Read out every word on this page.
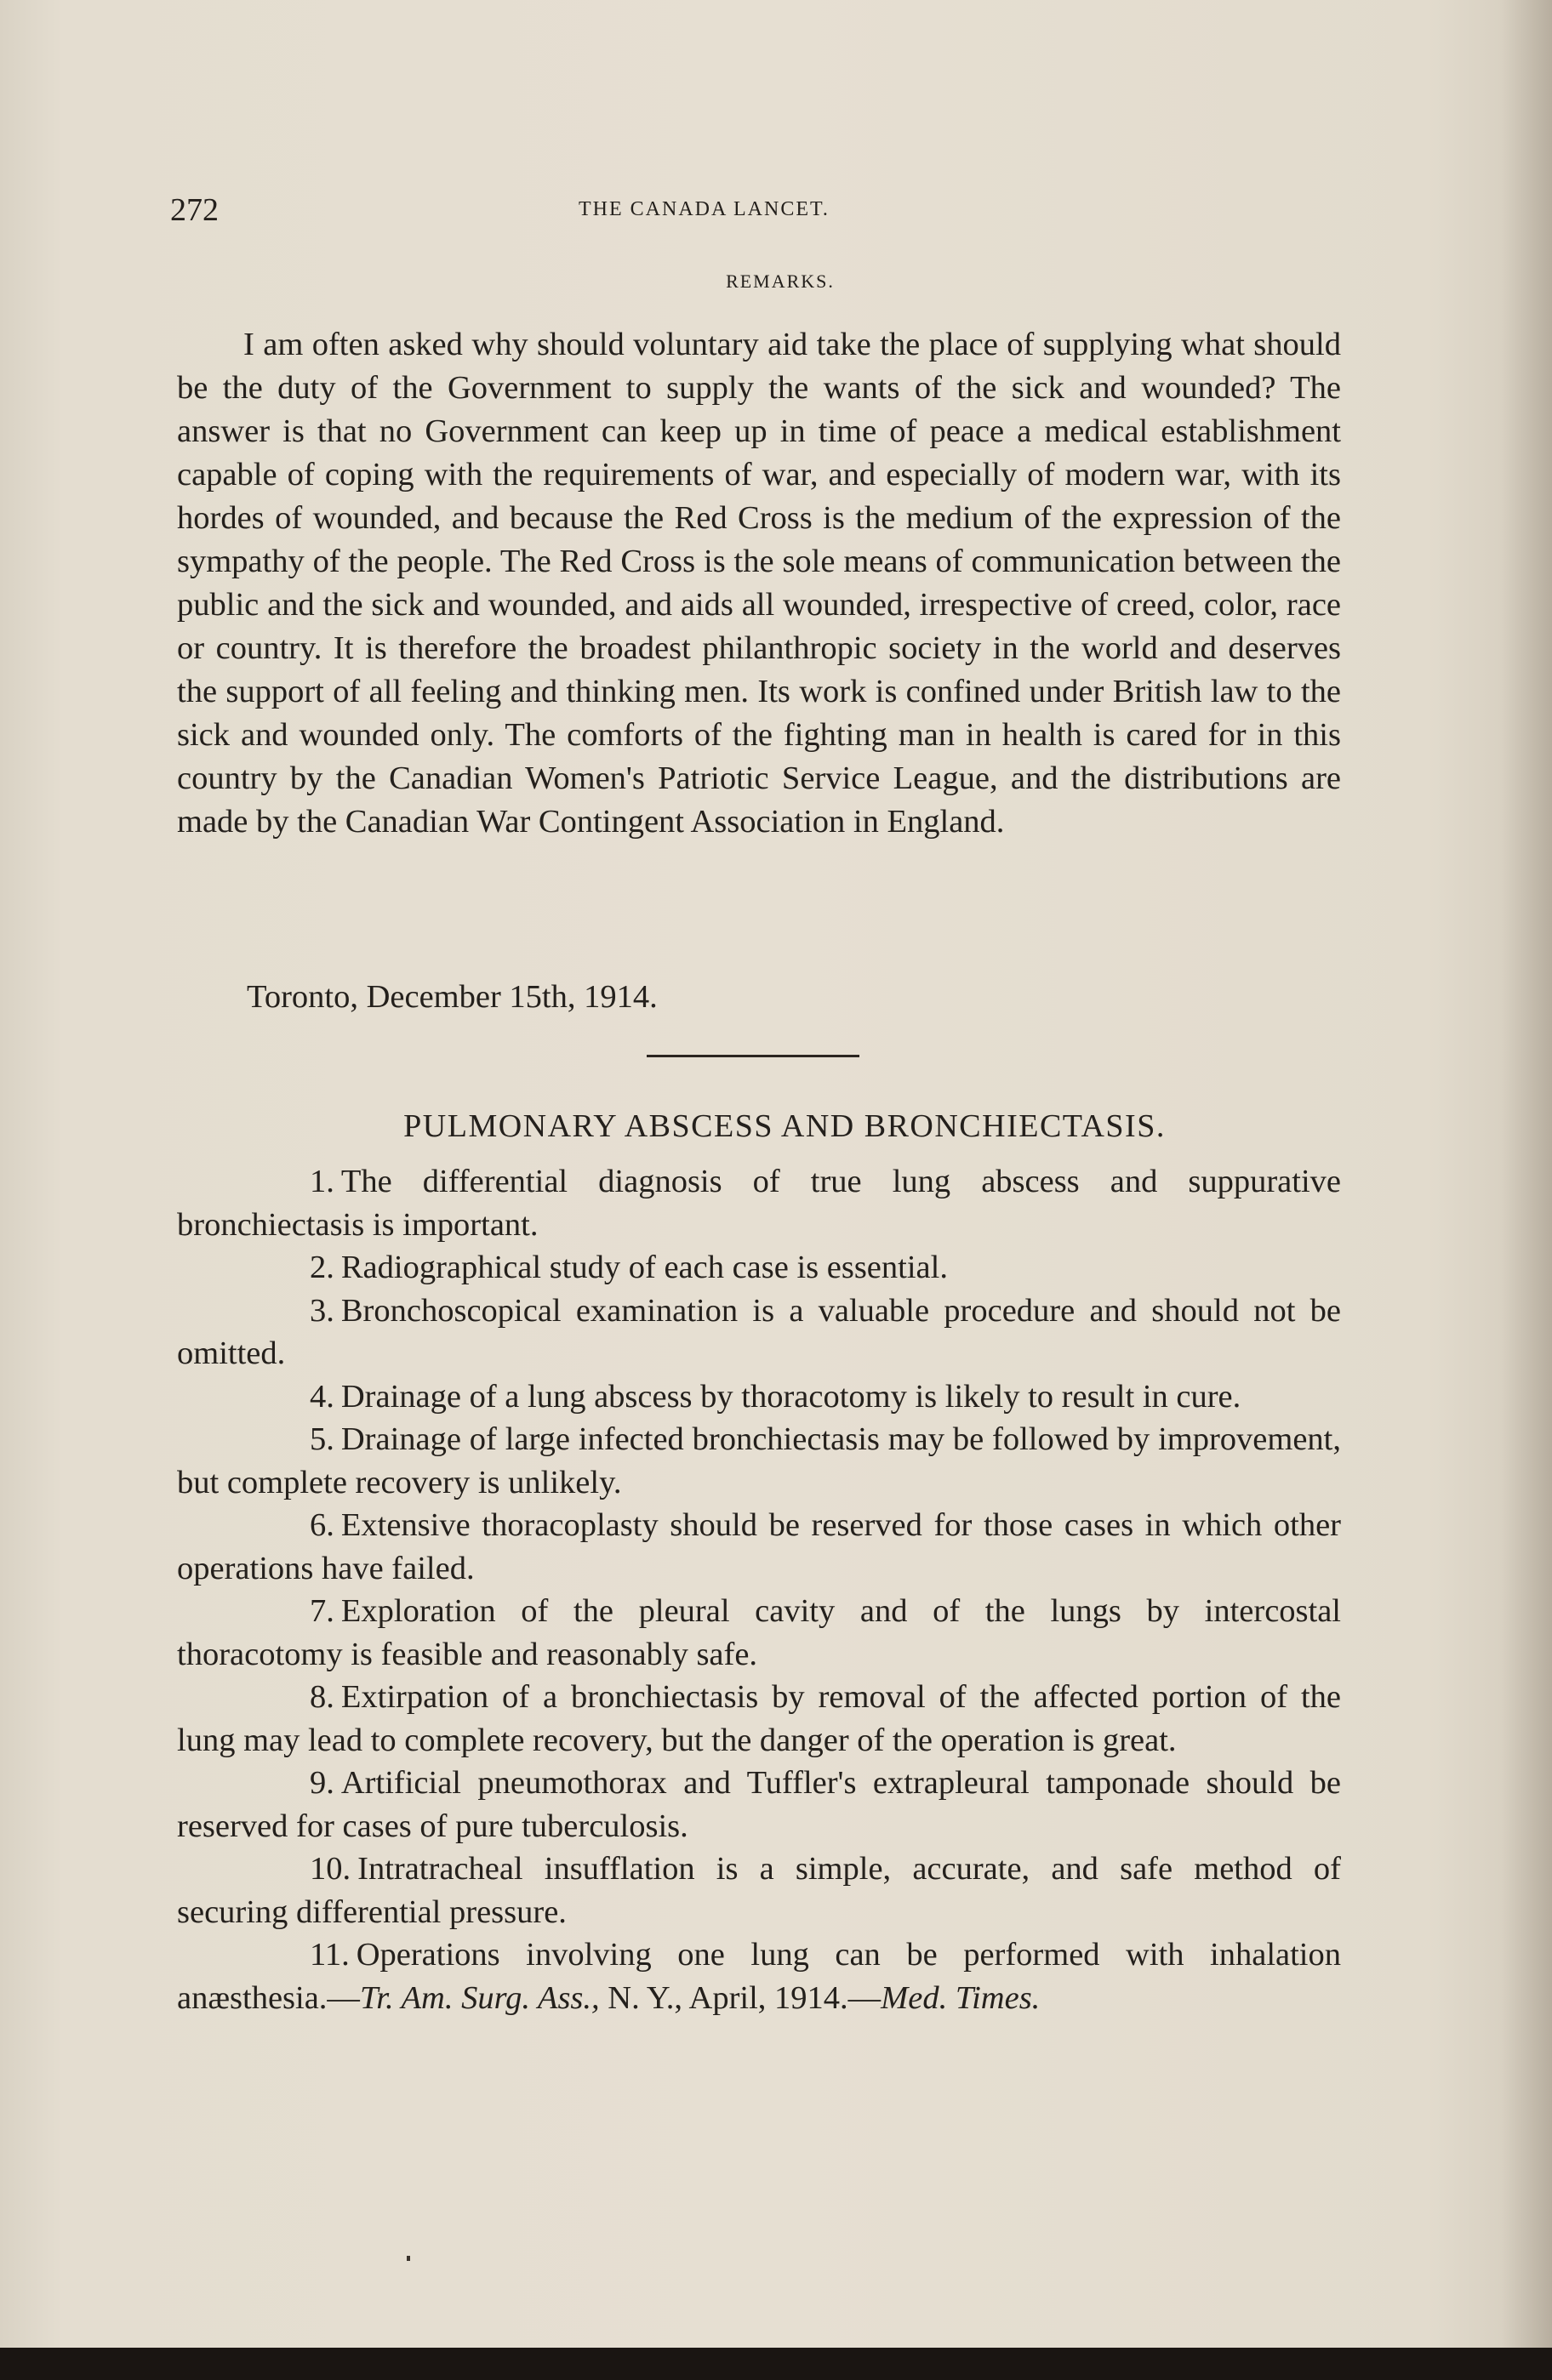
272	THE CANADA LANCET.
REMARKS.

I am often asked why should voluntary aid take the place of supplying what should be the duty of the Government to supply the wants of the sick and wounded? The answer is that no Government can keep up in time of peace a medical establishment capable of coping with the requirements of war, and especially of modern war, with its hordes of wounded, and because the Red Cross is the medium of the expression of the sympathy of the people. The Red Cross is the sole means of communication between the public and the sick and wounded, and aids all wounded, irrespective of creed, color, race or country. It is therefore the broadest philanthropic society in the world and deserves the support of all feeling and thinking men. Its work is confined under British law to the sick and wounded only. The comforts of the fighting man in health is cared for in this country by the Canadian Women's Patriotic Service League, and the distributions are made by the Canadian War Contingent Association in England.

Toronto, December 15th, 1914.
PULMONARY ABSCESS AND BRONCHIECTASIS.

1. The differential diagnosis of true lung abscess and suppurative bronchiectasis is important.

2. Radiographical study of each case is essential.

3. Bronchoscopical examination is a valuable procedure and should not be omitted.

4. Drainage of a lung abscess by thoracotomy is likely to result in cure.

5. Drainage of large infected bronchiectasis may be followed by improvement, but complete recovery is unlikely.

6. Extensive thoracoplasty should be reserved for those cases in which other operations have failed.

7. Exploration of the pleural cavity and of the lungs by intercostal thoracotomy is feasible and reasonably safe.

8. Extirpation of a bronchiectasis by removal of the affected portion of the lung may lead to complete recovery, but the danger of the operation is great.

9. Artificial pneumothorax and Tuffler's extrapleural tamponade should be reserved for cases of pure tuberculosis.

10. Intratracheal insufflation is a simple, accurate, and safe method of securing differential pressure.

11. Operations involving one lung can be performed with inhalation anæsthesia.—Tr. Am. Surg. Ass., N. Y., April, 1914.—Med. Times.
